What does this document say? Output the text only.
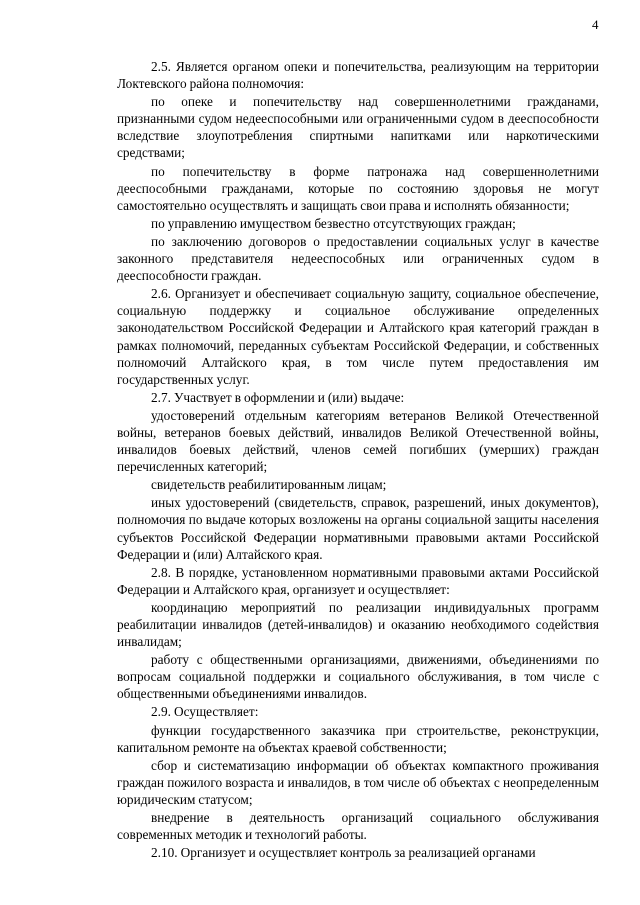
4

2.5. Является органом опеки и попечительства, реализующим на территории Локтевского района полномочия:

по опеке и попечительству над совершеннолетними гражданами, признанными судом недееспособными или ограниченными судом в дееспособности вследствие злоупотребления спиртными напитками или наркотическими средствами;

по попечительству в форме патронажа над совершеннолетними дееспособными гражданами, которые по состоянию здоровья не могут самостоятельно осуществлять и защищать свои права и исполнять обязанности;

по управлению имуществом безвестно отсутствующих граждан;

по заключению договоров о предоставлении социальных услуг в качестве законного представителя недееспособных или ограниченных судом в дееспособности граждан.

2.6. Организует и обеспечивает социальную защиту, социальное обеспечение, социальную поддержку и социальное обслуживание определенных законодательством Российской Федерации и Алтайского края категорий граждан в рамках полномочий, переданных субъектам Российской Федерации, и собственных полномочий Алтайского края, в том числе путем предоставления им государственных услуг.

2.7. Участвует в оформлении и (или) выдаче:

удостоверений отдельным категориям ветеранов Великой Отечественной войны, ветеранов боевых действий, инвалидов Великой Отечественной войны, инвалидов боевых действий, членов семей погибших (умерших) граждан перечисленных категорий;

свидетельств реабилитированным лицам;

иных удостоверений (свидетельств, справок, разрешений, иных документов), полномочия по выдаче которых возложены на органы социальной защиты населения субъектов Российской Федерации нормативными правовыми актами Российской Федерации и (или) Алтайского края.

2.8. В порядке, установленном нормативными правовыми актами Российской Федерации и Алтайского края, организует и осуществляет:

координацию мероприятий по реализации индивидуальных программ реабилитации инвалидов (детей-инвалидов) и оказанию необходимого содействия инвалидам;

работу с общественными организациями, движениями, объединениями по вопросам социальной поддержки и социального обслуживания, в том числе с общественными объединениями инвалидов.

2.9. Осуществляет:

функции государственного заказчика при строительстве, реконструкции, капитальном ремонте на объектах краевой собственности;

сбор и систематизацию информации об объектах компактного проживания граждан пожилого возраста и инвалидов, в том числе об объектах с неопределенным юридическим статусом;

внедрение в деятельность организаций социального обслуживания современных методик и технологий работы.

2.10. Организует и осуществляет контроль за реализацией органами
